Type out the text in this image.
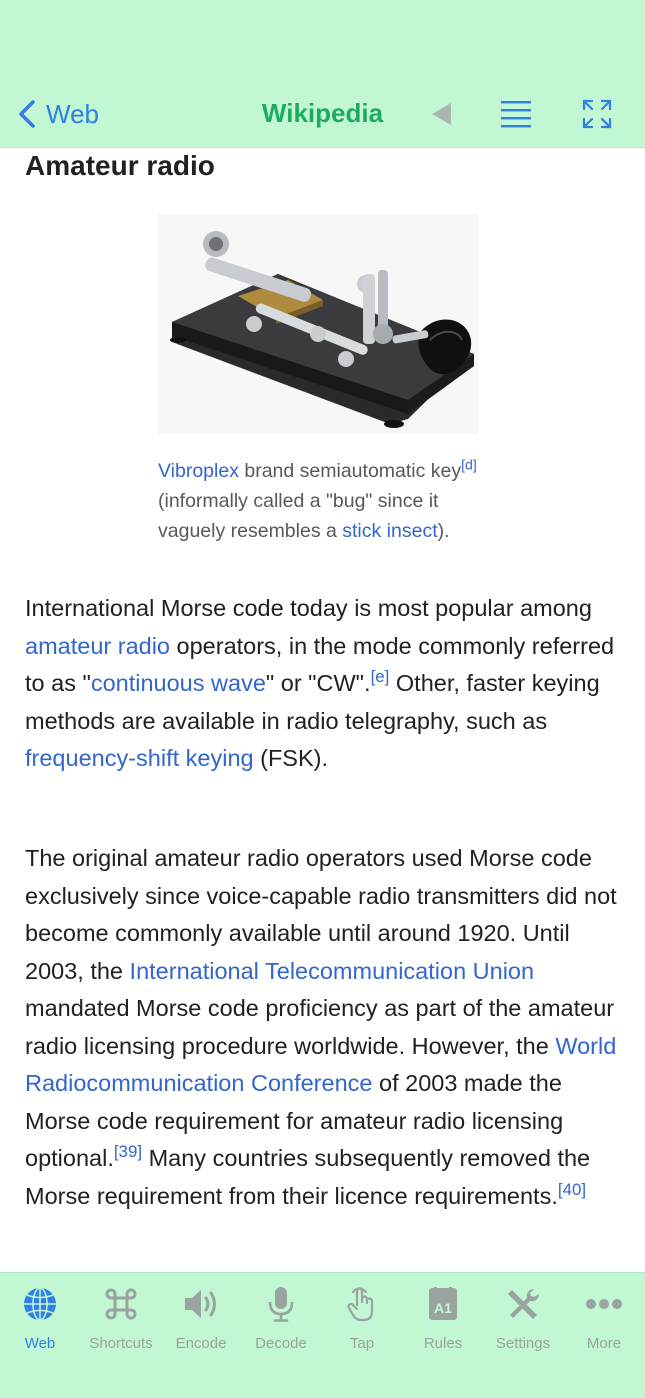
Web	Wikipedia
Amateur radio
Vibroplex brand semiautomatic key[d] (informally called a "bug" since it vaguely resembles a stick insect).
International Morse code today is most popular among amateur radio operators, in the mode commonly referred to as "continuous wave" or "CW".[e] Other, faster keying methods are available in radio telegraphy, such as frequency-shift keying (FSK).
The original amateur radio operators used Morse code exclusively since voice-capable radio transmitters did not become commonly available until around 1920. Until 2003, the International Telecommunication Union mandated Morse code proficiency as part of the amateur radio licensing procedure worldwide. However, the World Radiocommunication Conference of 2003 made the Morse code requirement for amateur radio licensing optional.[39] Many countries subsequently removed the Morse requirement from their licence requirements.[40]
Web	Shortcuts	Encode	Decode	Tap
A1
Rules	Settings	More
